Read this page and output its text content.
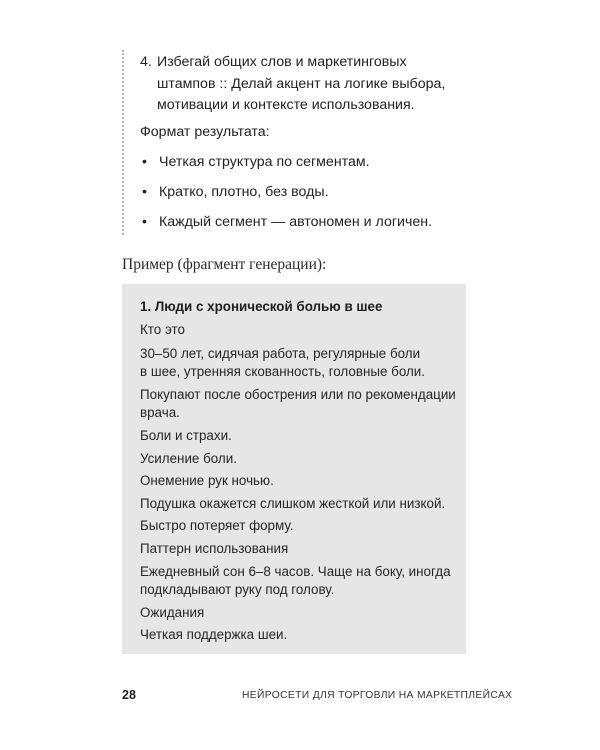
4. Избегай общих слов и маркетинговых
штампов :: Делай акцент на логике выбора,
мотивации и контексте использования.
Формат результата:
• Четкая структура по сегментам.
• Кратко, плотно, без воды.
• Каждый сегмент — автономен и логичен.
Пример (фрагмент генерации):
1. Люди с хронической болью в шее
Кто это
30–50 лет, сидячая работа, регулярные боли
в шее, утренняя скованность, головные боли.
Покупают после обострения или по рекомендации
врача.
Боли и страхи.
Усиление боли.
Онемение рук ночью.
Подушка окажется слишком жесткой или низкой.
Быстро потеряет форму.
Паттерн использования
Ежедневный сон 6–8 часов. Чаще на боку, иногда
подкладывают руку под голову.
Ожидания
Четкая поддержка шеи.
28	НЕЙРОСЕТИ ДЛЯ ТОРГОВЛИ НА МАРКЕТПЛЕЙСАХ
